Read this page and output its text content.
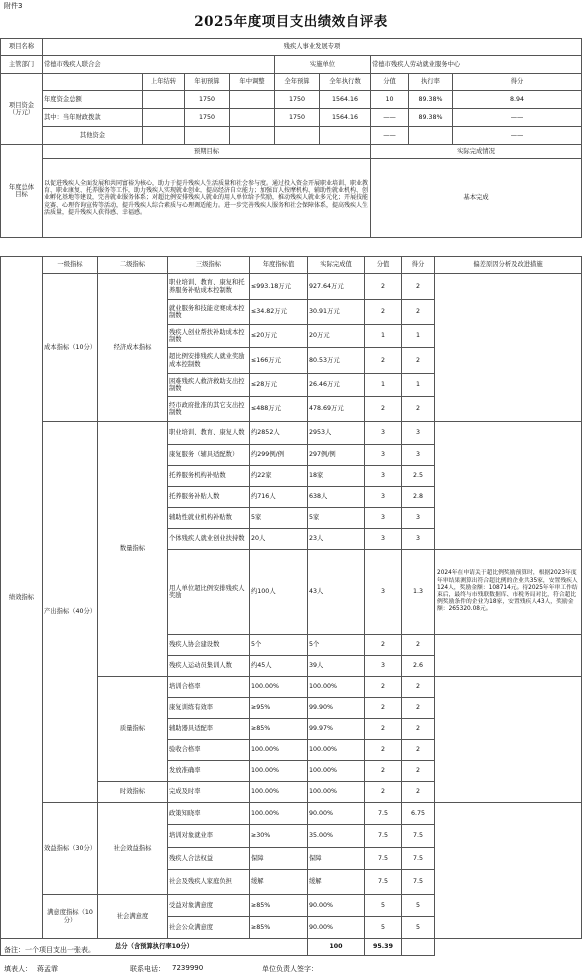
附件3
2025年度项目支出绩效自评表
项目名称	残疾人事业发展专项								
主管部门	常德市残疾人联合会				实施单位		常德市残疾人劳动就业服务中心		
项目资金
（万元）		上年结转	年初预算	年中调整	全年预算	全年执行数	分值	执行率	得分
	年度资金总额		1750		1750	1564.16	10	89.38%	8.94
	其中：当年财政拨款		1750		1750	1564.16	——	89.38%	——
	其他资金						——		——
年度总体
目标	预期目标						实际完成情况		
	以促进残疾人全面发展和共同富裕为核心，助力于提升残疾人生活质量和社会参与度。通过投入资金开展职业培训、职业教育、职业康复、托养服务等工作，助力残疾人实现就业创业，提高经济自立能力；加强盲人按摩机构、辅助性就业机构、创业孵化基地等建设，完善就业服务体系；对超比例安排残疾人就业的用人单位给予奖励，推动残疾人就业多元化；开展技能竞赛、心理咨询宣传等活动，提升残疾人综合素质与心理调适能力。进一步完善残疾人服务和社会保障体系，提高残疾人生活质量，提升残疾人获得感、幸福感。						基本完成		
绩效指标	一级指标	二级指标	三级指标	年度指标值	实际完成值	分值	得分	偏差原因分析及改进措施
	成本指标（10分）	经济成本指标	职业培训、教育、康复和托养服务补贴成本控制数	≤993.18万元	927.64万元	2	2	
			就业服务和技能竞赛成本控制数	≤34.82万元	30.91万元	2	2	
			残疾人创业帮扶补助成本控制数	≤20万元	20万元	1	1	
			超比例安排残疾人就业奖励成本控制数	≤166万元	80.53万元	2	2	
			困难残疾人救济救助支出控制数	≤28万元	26.46万元	1	1	
			经市政府批准的其它支出控制数	≤488万元	478.69万元	2	2	
	产出指标（40分）	数量指标	职业培训、教育、康复人数	约2852人	2953人	3	3	
			康复服务（辅具适配数）	约299例/例	297例/例	3	3	
			托养服务机构补贴数	约22家	18家	3	2.5	
			托养服务补贴人数	约716人	638人	3	2.8	
			辅助性就业机构补贴数	5家	5家	3	3	
			个体残疾人就业创业扶持数	20人	23人	3	3	
			用人单位超比例安排残疾人奖励	约100人	43人	3	1.3	2024年在申请关于超比例奖励预算时，根据2023年度年审结果测算出符合超比例的企业共35家，安置残疾人124人，奖励金额：108714元。待2025年年审工作结束后，最终与市残联数据库、市税务局对比，符合超比例奖励条件的企业为18家，安置残疾人43人，奖励金额：265320.08元。
			残疾人协会建设数	5个	5个	2	2	
			残疾人运动员集训人数	约45人	39人	3	2.6	
		质量指标	培训合格率	100.00%	100.00%	2	2	
			康复训练有效率	≥95%	99.90%	2	2	
			辅助器具适配率	≥85%	99.97%	2	2	
			验收合格率	100.00%	100.00%	2	2	
			发放准确率	100.00%	100.00%	2	2	
		时效指标	完成及时率	100.00%	100.00%	2	2	
	效益指标（30分）	社会效益指标	政策知晓率	100.00%	90.00%	7.5	6.75	
			培训对象就业率	≥30%	35.00%	7.5	7.5	
			残疾人合法权益	保障	保障	7.5	7.5	
			社会及残疾人家庭负担	缓解	缓解	7.5	7.5	
	满意度指标（10分）	社会满意度	受益对象满意度	≥85%	90.00%	5	5	
			社会公众满意度	≥85%	90.00%	5	5	
总分（含预算执行率10分）					100	95.39		
备注：一个项目支出一张表。
填表人： 蒋孟霏	联系电话： 7239990	单位负责人签字：
